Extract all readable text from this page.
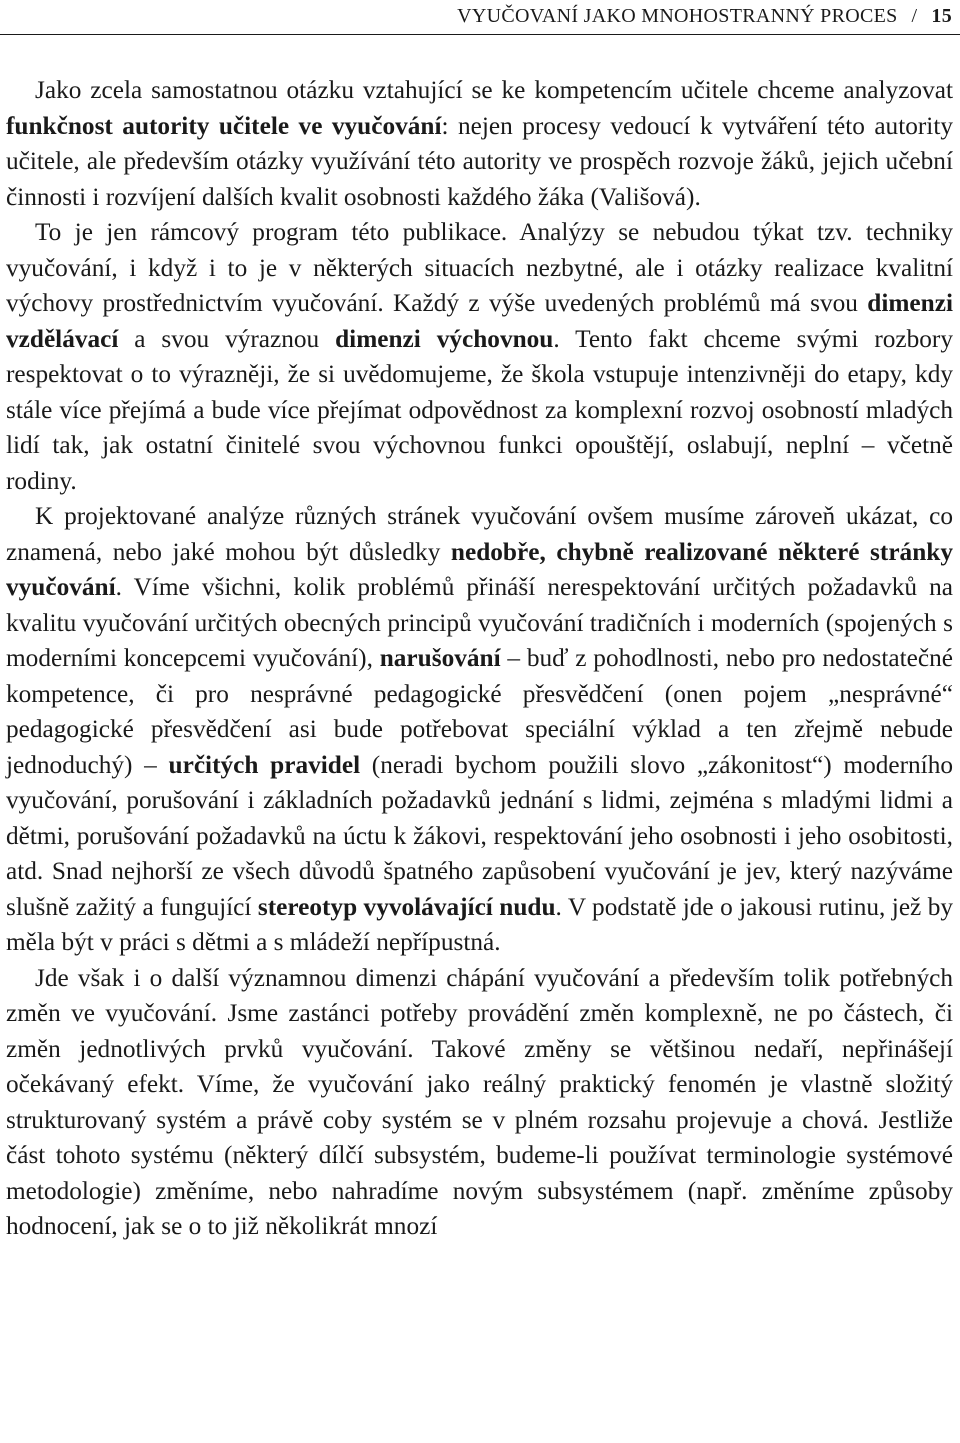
VYUČOVANÍ JAKO MNOHOSTRANNÝ PROCES / 15

Jako zcela samostatnou otázku vztahující se ke kompetencím učitele chceme analyzovat funkčnost autority učitele ve vyučování: nejen procesy vedoucí k vytváření této autority učitele, ale především otázky využívání této autority ve prospěch rozvoje žáků, jejich učební činnosti i rozvíjení dalších kvalit osobnosti každého žáka (Vališová).

To je jen rámcový program této publikace. Analýzy se nebudou týkat tzv. techniky vyučování, i když i to je v některých situacích nezbytné, ale i otázky realizace kvalitní výchovy prostřednictvím vyučování. Každý z výše uvedených problémů má svou dimenzi vzdělávací a svou výraznou dimenzi výchovnou. Tento fakt chceme svými rozbory respektovat o to výrazněji, že si uvědomujeme, že škola vstupuje intenzivněji do etapy, kdy stále více přejímá a bude více přejímat odpovědnost za komplexní rozvoj osobností mladých lidí tak, jak ostatní činitelé svou výchovnou funkci opouštějí, oslabují, neplní – včetně rodiny.

K projektované analýze různých stránek vyučování ovšem musíme zároveň ukázat, co znamená, nebo jaké mohou být důsledky nedobře, chybně realizované některé stránky vyučování. Víme všichni, kolik problémů přináší nerespektování určitých požadavků na kvalitu vyučování určitých obecných principů vyučování tradičních i moderních (spojených s moderními koncepcemi vyučování), narušování – buď z pohodlnosti, nebo pro nedostatečné kompetence, či pro nesprávné pedagogické přesvědčení (onen pojem „nesprávné“ pedagogické přesvědčení asi bude potřebovat speciální výklad a ten zřejmě nebude jednoduchý) – určitých pravidel (neradi bychom použili slovo „zákonitost“) moderního vyučování, porušování i základních požadavků jednání s lidmi, zejména s mladými lidmi a dětmi, porušování požadavků na úctu k žákovi, respektování jeho osobnosti i jeho osobitosti, atd. Snad nejhorší ze všech důvodů špatného zapůsobení vyučování je jev, který nazýváme slušně zažitý a fungující stereotyp vyvolávající nudu. V podstatě jde o jakousi rutinu, jež by měla být v práci s dětmi a s mládeží nepřípustná.

Jde však i o další významnou dimenzi chápání vyučování a především tolik potřebných změn ve vyučování. Jsme zastánci potřeby provádění změn komplexně, ne po částech, či změn jednotlivých prvků vyučování. Takové změny se většinou nedaří, nepřinášejí očekávaný efekt. Víme, že vyučování jako reálný praktický fenomén je vlastně složitý strukturovaný systém a právě coby systém se v plném rozsahu projevuje a chová. Jestliže část tohoto systému (některý dílčí subsystém, budeme-li používat terminologie systémové metodologie) změníme, nebo nahradíme novým subsystémem (např. změníme způsoby hodnocení, jak se o to již několikrát mnozí
